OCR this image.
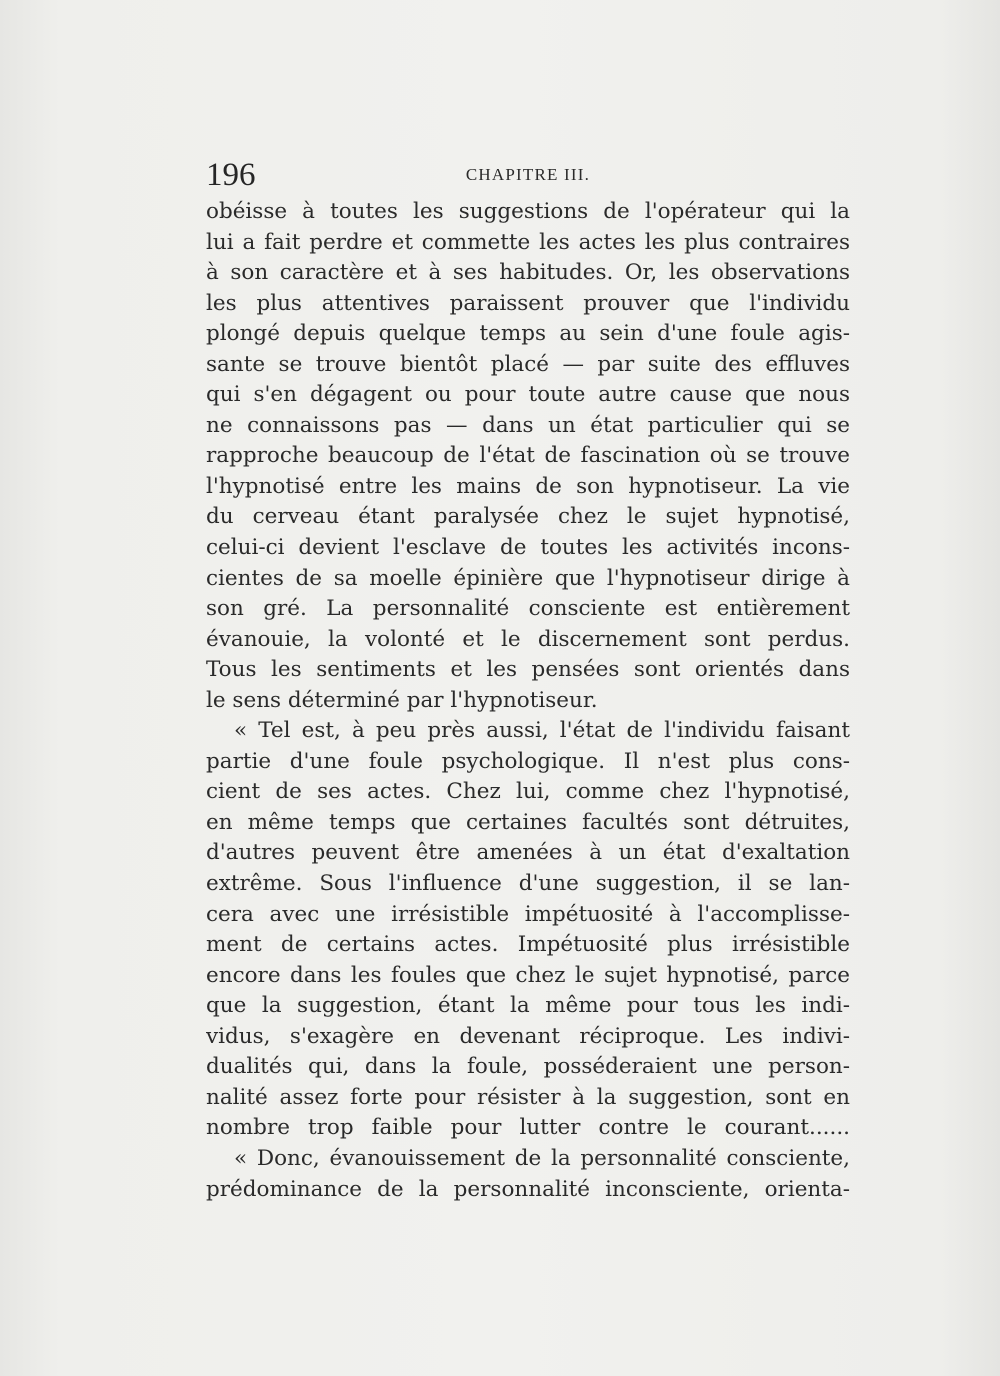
196	CHAPITRE III.
obéisse à toutes les suggestions de l'opérateur qui la
lui a fait perdre et commette les actes les plus contraires
à son caractère et à ses habitudes. Or, les observations
les plus attentives paraissent prouver que l'individu
plongé depuis quelque temps au sein d'une foule agis-
sante se trouve bientôt placé — par suite des effluves
qui s'en dégagent ou pour toute autre cause que nous
ne connaissons pas — dans un état particulier qui se
rapproche beaucoup de l'état de fascination où se trouve
l'hypnotisé entre les mains de son hypnotiseur. La vie
du cerveau étant paralysée chez le sujet hypnotisé,
celui-ci devient l'esclave de toutes les activités incons-
cientes de sa moelle épinière que l'hypnotiseur dirige à
son gré. La personnalité consciente est entièrement
évanouie, la volonté et le discernement sont perdus.
Tous les sentiments et les pensées sont orientés dans
le sens déterminé par l'hypnotiseur.
« Tel est, à peu près aussi, l'état de l'individu faisant
partie d'une foule psychologique. Il n'est plus cons-
cient de ses actes. Chez lui, comme chez l'hypnotisé,
en même temps que certaines facultés sont détruites,
d'autres peuvent être amenées à un état d'exaltation
extrême. Sous l'influence d'une suggestion, il se lan-
cera avec une irrésistible impétuosité à l'accomplisse-
ment de certains actes. Impétuosité plus irrésistible
encore dans les foules que chez le sujet hypnotisé, parce
que la suggestion, étant la même pour tous les indi-
vidus, s'exagère en devenant réciproque. Les indivi-
dualités qui, dans la foule, posséderaient une person-
nalité assez forte pour résister à la suggestion, sont en
nombre trop faible pour lutter contre le courant......
« Donc, évanouissement de la personnalité consciente,
prédominance de la personnalité inconsciente, orienta-
